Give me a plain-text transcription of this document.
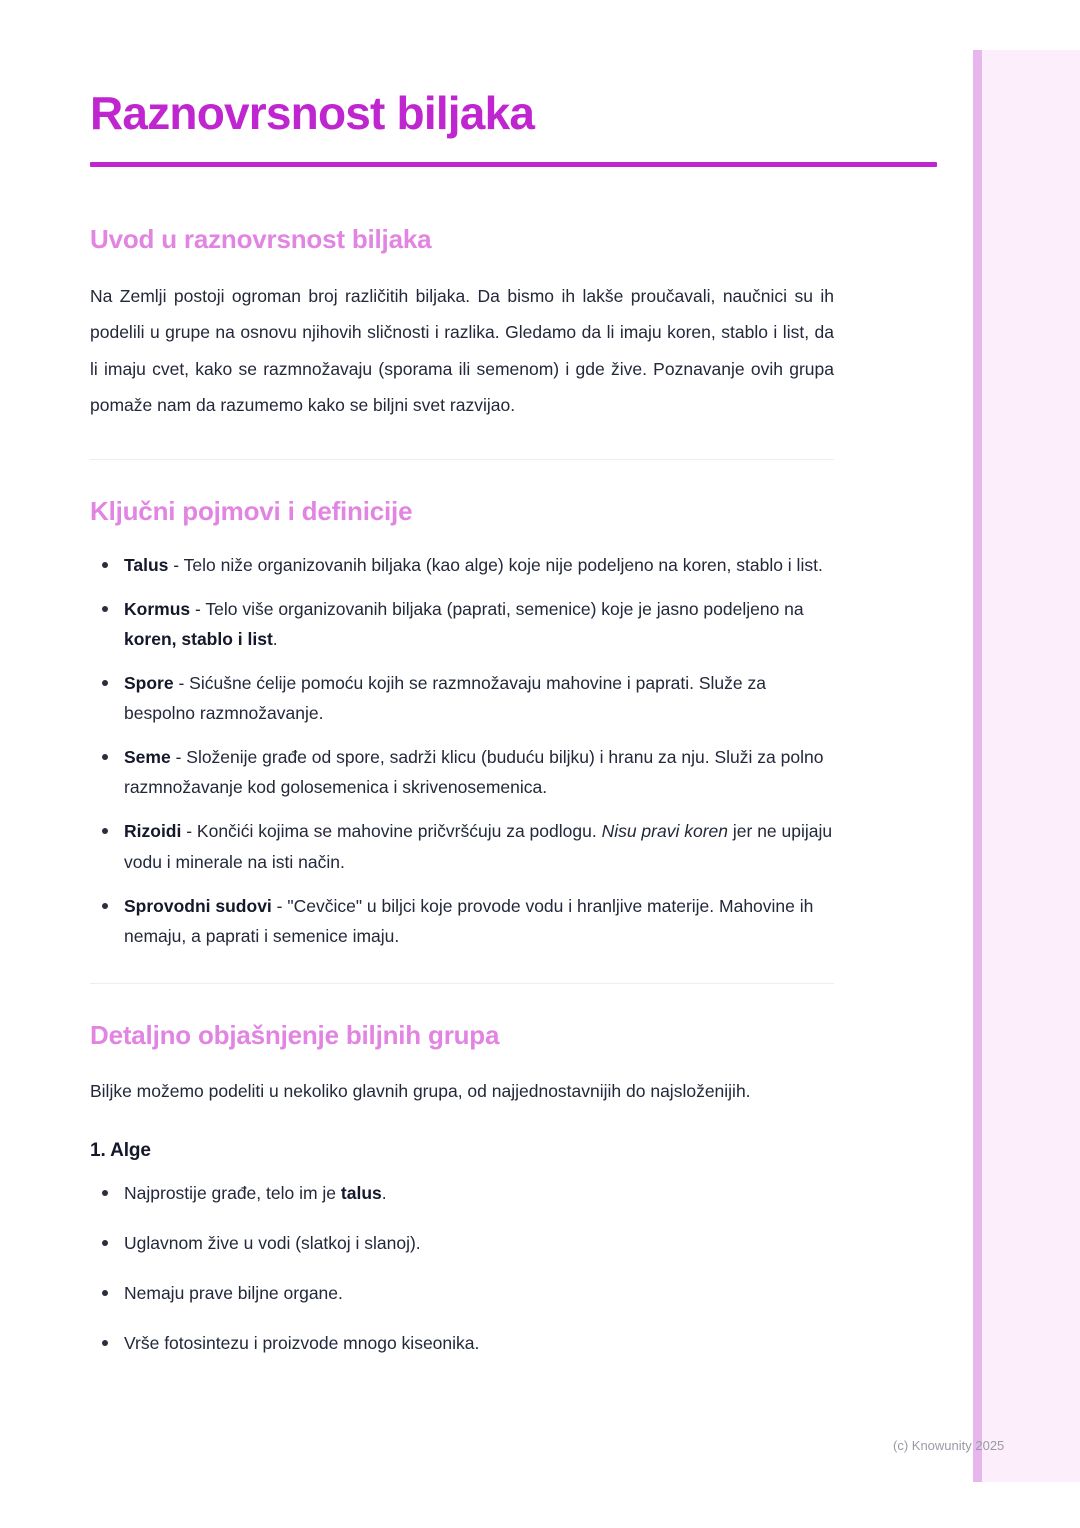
Raznovrsnost biljaka
Uvod u raznovrsnost biljaka

Na Zemlji postoji ogroman broj različitih biljaka. Da bismo ih lakše proučavali, naučnici su ih podelili u grupe na osnovu njihovih sličnosti i razlika. Gledamo da li imaju koren, stablo i list, da li imaju cvet, kako se razmnožavaju (sporama ili semenom) i gde žive. Poznavanje ovih grupa pomaže nam da razumemo kako se biljni svet razvijao.

Ključni pojmovi i definicije
Talus - Telo niže organizovanih biljaka (kao alge) koje nije podeljeno na koren, stablo i list.
Kormus - Telo više organizovanih biljaka (paprati, semenice) koje je jasno podeljeno na koren, stablo i list.
Spore - Sićušne ćelije pomoću kojih se razmnožavaju mahovine i paprati. Služe za bespolno razmnožavanje.
Seme - Složenije građe od spore, sadrži klicu (buduću biljku) i hranu za nju. Služi za polno razmnožavanje kod golosemenica i skrivenosemenica.
Rizoidi - Končići kojima se mahovine pričvršćuju za podlogu. Nisu pravi koren jer ne upijaju vodu i minerale na isti način.
Sprovodni sudovi - "Cevčice" u biljci koje provode vodu i hranljive materije. Mahovine ih nemaju, a paprati i semenice imaju.
Detaljno objašnjenje biljnih grupa

Biljke možemo podeliti u nekoliko glavnih grupa, od najjednostavnijih do najsloženijih.

1. Alge
Najprostije građe, telo im je talus.
Uglavnom žive u vodi (slatkoj i slanoj).
Nemaju prave biljne organe.
Vrše fotosintezu i proizvode mnogo kiseonika.
(c) Knowunity 2025
